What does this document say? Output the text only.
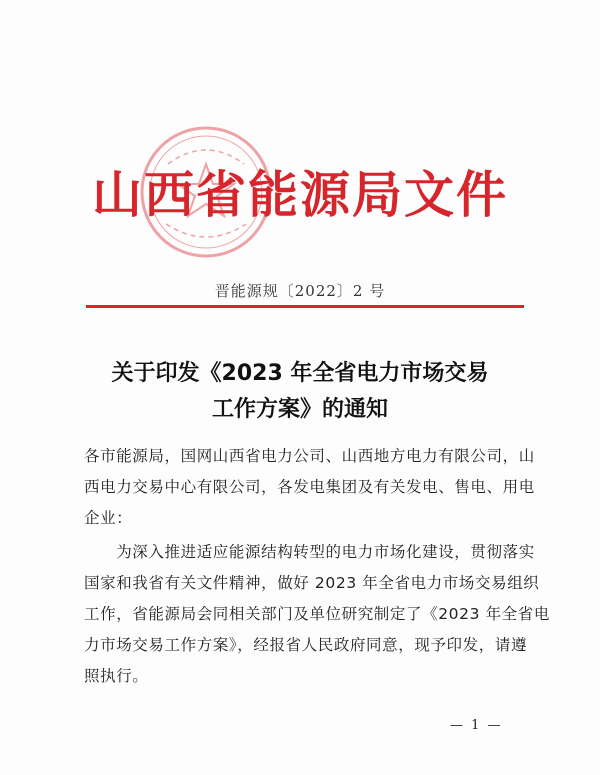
山西省能源局文件
晋能源规〔2022〕2 号
关于印发《2023 年全省电力市场交易
工作方案》的通知
各市能源局，国网山西省电力公司、山西地方电力有限公司，山
西电力交易中心有限公司，各发电集团及有关发电、售电、用电
企业：
　　为深入推进适应能源结构转型的电力市场化建设，贯彻落实
国家和我省有关文件精神，做好 2023 年全省电力市场交易组织
工作，省能源局会同相关部门及单位研究制定了《2023 年全省电
力市场交易工作方案》，经报省人民政府同意，现予印发，请遵
照执行。
— 1 —
